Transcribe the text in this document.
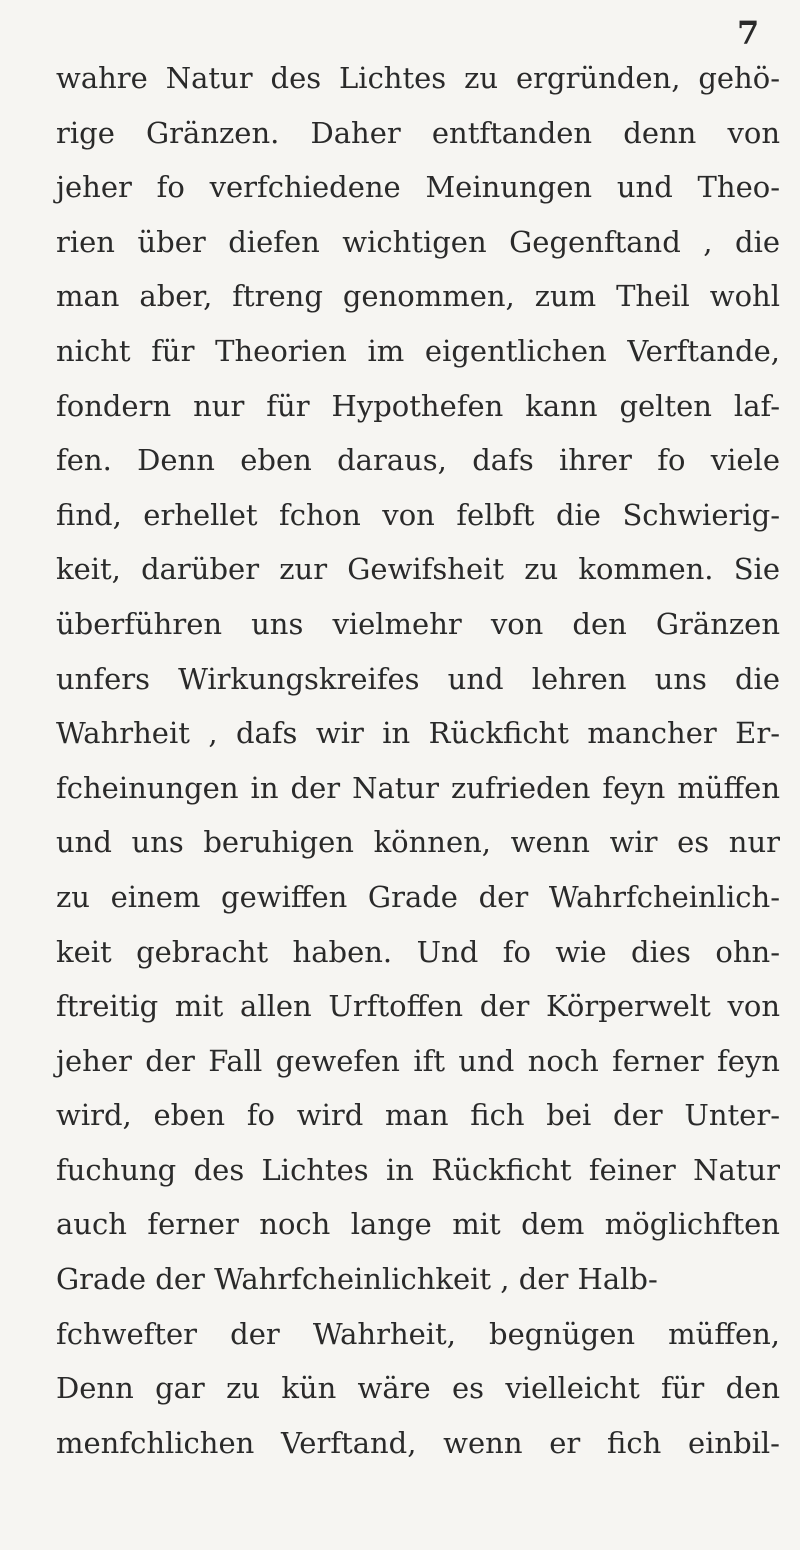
7
wahre Natur des Lichtes zu ergründen, gehö-
rige Gränzen. Daher entftanden denn von
jeher fo verfchiedene Meinungen und Theo-
rien über diefen wichtigen Gegenftand , die
man aber, ftreng genommen, zum Theil wohl
nicht für Theorien im eigentlichen Verftande,
fondern nur für Hypothefen kann gelten laf-
fen. Denn eben daraus, dafs ihrer fo viele
find, erhellet fchon von felbft die Schwierig-
keit, darüber zur Gewifsheit zu kommen. Sie
überführen uns vielmehr von den Gränzen
unfers Wirkungskreifes und lehren uns die
Wahrheit , dafs wir in Rückficht mancher Er-
fcheinungen in der Natur zufrieden feyn müffen
und uns beruhigen können, wenn wir es nur
zu einem gewiffen Grade der Wahrfcheinlich-
keit gebracht haben. Und fo wie dies ohn-
ftreitig mit allen Urftoffen der Körperwelt von
jeher der Fall gewefen ift und noch ferner feyn
wird, eben fo wird man fich bei der Unter-
fuchung des Lichtes in Rückficht feiner Natur
auch ferner noch lange mit dem möglichften
Grade der Wahrfcheinlichkeit , der Halb-
fchwefter der Wahrheit, begnügen müffen,
Denn gar zu kün wäre es vielleicht für den
menfchlichen Verftand, wenn er fich einbil-
